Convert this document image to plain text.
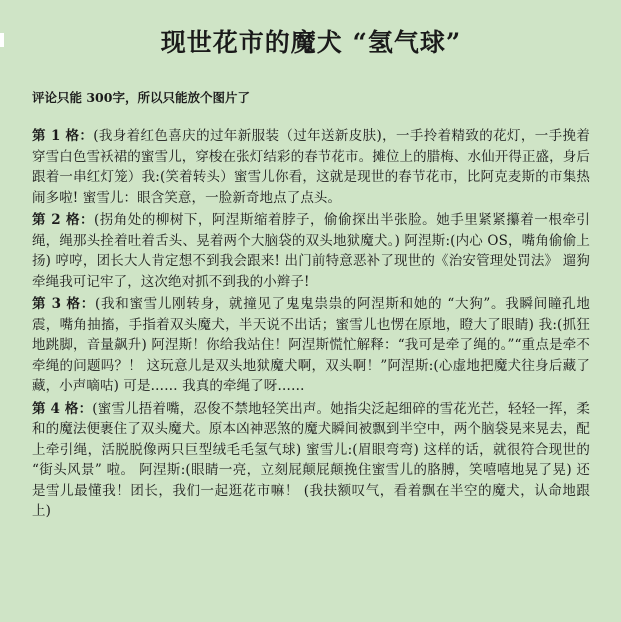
现世花市的魔犬 “氢气球”

评论只能 300字，所以只能放个图片了

第 1 格：(我身着红色喜庆的过年新服装（过年送新皮肤)，一手拎着精致的花灯，一手挽着穿雪白色雪袄裙的蜜雪儿，穿梭在张灯结彩的春节花市。摊位上的腊梅、水仙开得正盛，身后跟着一串红灯笼）我:(笑着转头）蜜雪儿你看，这就是现世的春节花市，比阿克麦斯的市集热闹多啦! 蜜雪儿：眼含笑意，一脸新奇地点了点头。

第 2 格：(拐角处的柳树下，阿涅斯缩着脖子，偷偷探出半张脸。她手里紧紧攥着一根牵引绳，绳那头拴着吐着舌头、晃着两个大脑袋的双头地狱魔犬。) 阿涅斯:(内心 OS，嘴角偷偷上扬) 哼哼，团长大人肯定想不到我会跟来! 出门前特意恶补了现世的《治安管理处罚法》 遛狗牵绳我可记牢了，这次绝对抓不到我的小辫子!

第 3 格：(我和蜜雪儿刚转身，就撞见了鬼鬼祟祟的阿涅斯和她的 “大狗”。我瞬间瞳孔地震，嘴角抽搐，手指着双头魔犬，半天说不出话；蜜雪儿也愣在原地，瞪大了眼睛) 我:(抓狂地跳脚，音量飙升) 阿涅斯！你给我站住！阿涅斯慌忙解释：“我可是牵了绳的。”“重点是牵不牵绳的问题吗？！ 这玩意儿是双头地狱魔犬啊，双头啊！”阿涅斯:(心虚地把魔犬往身后藏了藏，小声嘀咕) 可是…… 我真的牵绳了呀……

第 4 格：(蜜雪儿捂着嘴，忍俊不禁地轻笑出声。她指尖泛起细碎的雪花光芒，轻轻一挥，柔和的魔法便裹住了双头魔犬。原本凶神恶煞的魔犬瞬间被飘到半空中，两个脑袋晃来晃去，配上牵引绳，活脱脱像两只巨型绒毛毛氢气球) 蜜雪儿:(眉眼弯弯) 这样的话，就很符合现世的 “街头风景” 啦。 阿涅斯:(眼睛一亮，立刻屁颠屁颠挽住蜜雪儿的胳膊，笑嘻嘻地晃了晃) 还是雪儿最懂我！团长，我们一起逛花市嘛！ (我扶额叹气，看着飘在半空的魔犬，认命地跟上)
